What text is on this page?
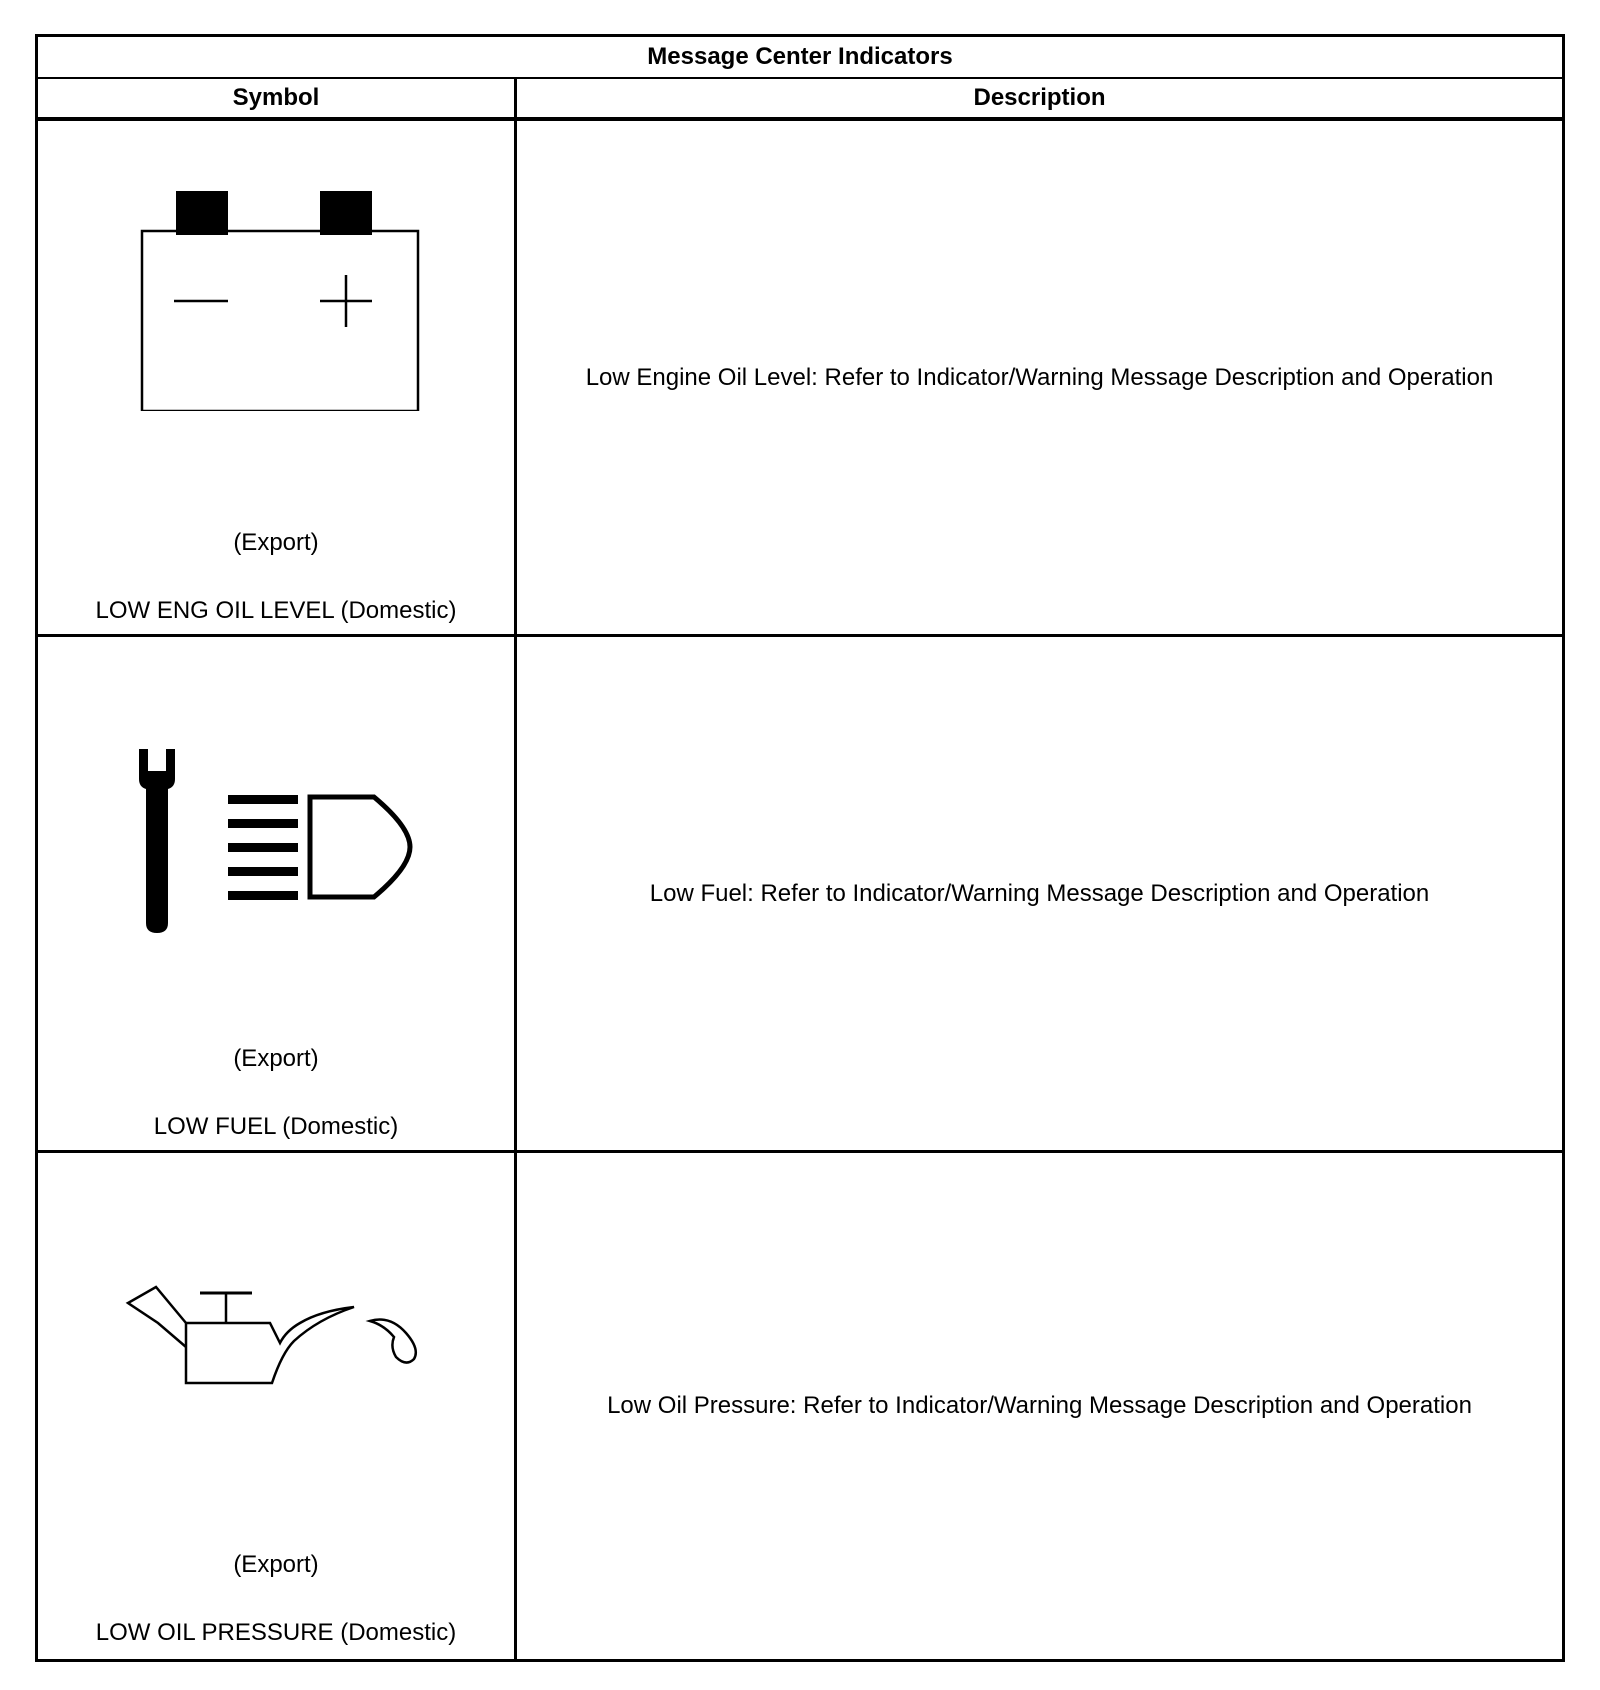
Message Center Indicators
Symbol	Description
(Export)
LOW ENG OIL LEVEL (Domestic)
Low Engine Oil Level: Refer to Indicator/Warning Message Description and Operation
(Export)
LOW FUEL (Domestic)
Low Fuel: Refer to Indicator/Warning Message Description and Operation
(Export)
LOW OIL PRESSURE (Domestic)
Low Oil Pressure: Refer to Indicator/Warning Message Description and Operation
